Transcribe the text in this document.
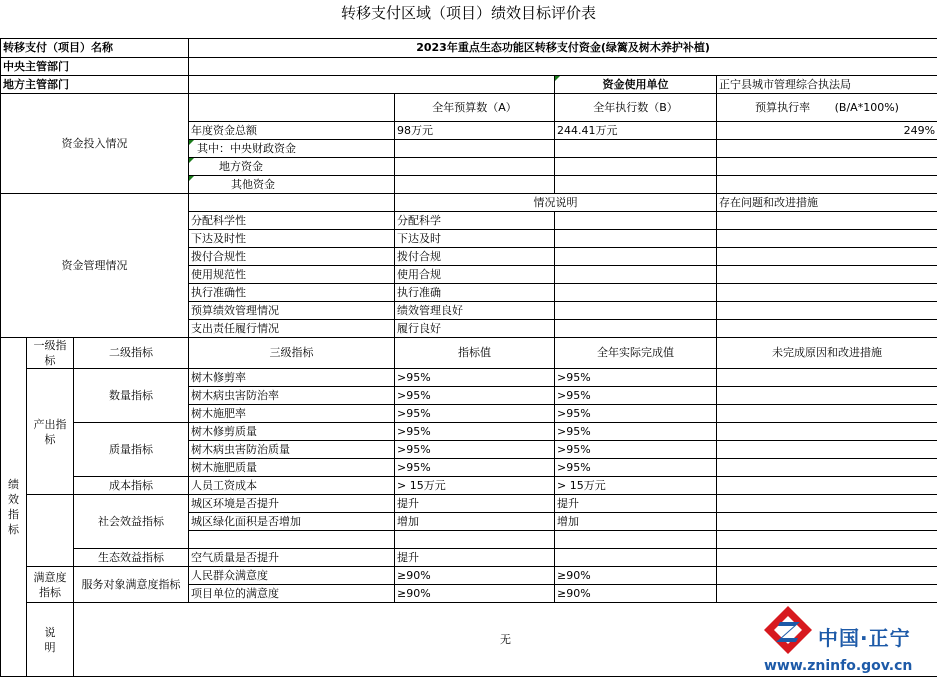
转移支付区域（项目）绩效目标评价表
转移支付（项目）名称			2023年重点生态功能区转移支付资金(绿篱及树木养护补植)			
中央主管部门						
地方主管部门					资金使用单位	正宁县城市管理综合执法局
资金投入情况				全年预算数（A）	全年执行数（B）	预算执行率 (B/A*100%)
			年度资金总额	98万元	244.41万元	249%
			其中：中央财政资金			
			地方资金			
			其他资金			
资金管理情况				情况说明		存在问题和改进措施
			分配科学性	分配科学		
			下达及时性	下达及时		
			拨付合规性	拨付合规		
			使用规范性	使用合规		
			执行准确性	执行准确		
			预算绩效管理情况	绩效管理良好		
			支出责任履行情况	履行良好		
绩效指标	一级指标	二级指标	三级指标	指标值	全年实际完成值	未完成原因和改进措施
	产出指标	数量指标	树木修剪率	>95%	>95%	
			树木病虫害防治率	>95%	>95%	
			树木施肥率	>95%	>95%	
		质量指标	树木修剪质量	>95%	>95%	
			树木病虫害防治质量	>95%	>95%	
			树木施肥质量	>95%	>95%	
		成本指标	人员工资成本	> 15万元	> 15万元	
		社会效益指标	城区环境是否提升	提升	提升	
			城区绿化面积是否增加	增加	增加	

		生态效益指标	空气质量是否提升	提升		
	满意度指标	服务对象满意度指标	人民群众满意度	≥90%	≥90%	
			项目单位的满意度	≥90%	≥90%	
	说明	无					中国·正宁
www.zninfo.gov.cn
